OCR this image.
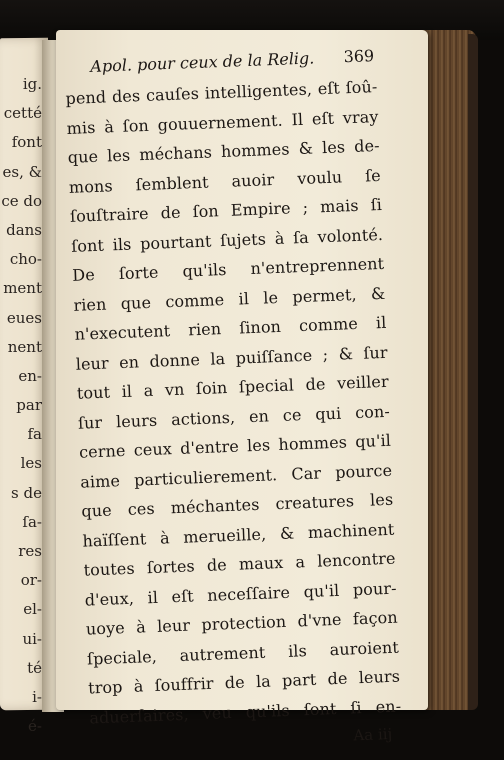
ig.
cetté
font
es, &
ce do
dans
cho-
ment
eues
nent
en-
par
fa
les
s de
ſa-
res
or-
el-
ui-
té
i-
é-
Apol. pour ceux de la Relig. 369
pend des cauſes intelligentes, eſt ſoû-
mis à ſon gouuernement. Il eſt vray
que les méchans hommes & les de-
mons ſemblent auoir voulu ſe
ſouſtraire de ſon Empire ; mais ſi
ſont ils pourtant ſujets à ſa volonté.
De ſorte qu'ils n'entreprennent
rien que comme il le permet, &
n'executent rien ſinon comme il
leur en donne la puiſſance ; & ſur
tout il a vn ſoin ſpecial de veiller
ſur leurs actions, en ce qui con-
cerne ceux d'entre les hommes qu'il
aime particulierement. Car pource
que ces méchantes creatures les
haïſſent à merueille, & machinent
toutes ſortes de maux a lencontre
d'eux, il eſt neceſſaire qu'il pour-
uoye à leur protection d'vne façon
ſpeciale, autrement ils auroient
trop à ſouffrir de la part de leurs
aduerſaires, veu qu'ils ſont ſi en-
Aa iij
